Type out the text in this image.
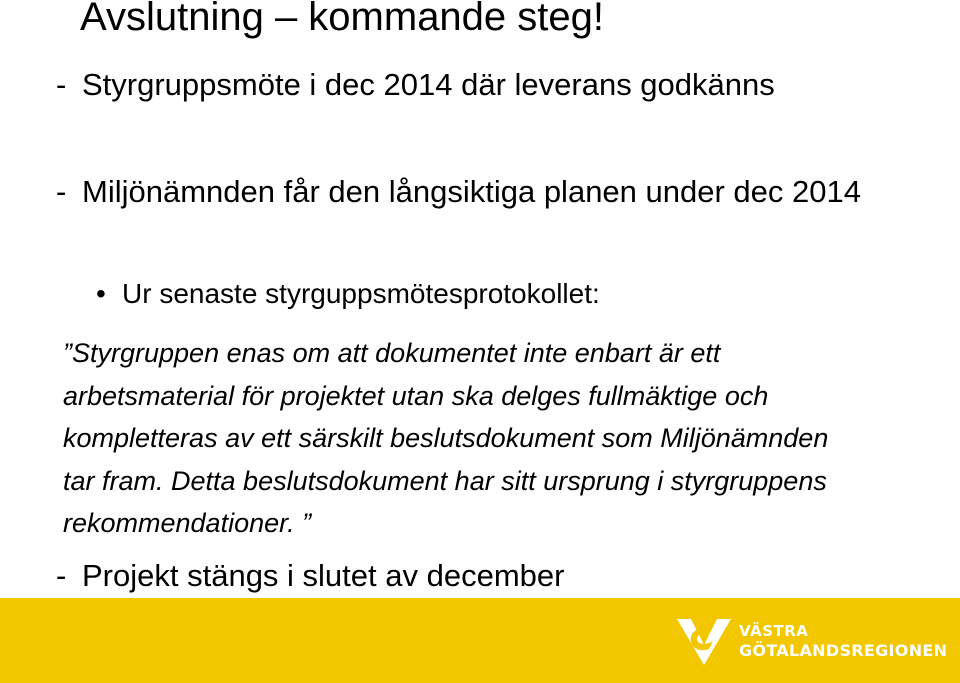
Avslutning – kommande steg!
- Styrgruppsmöte i dec 2014 där leverans godkänns
- Miljönämnden får den långsiktiga planen under dec 2014
• Ur senaste styrguppsmötesprotokollet:
”Styrgruppen enas om att dokumentet inte enbart är ett arbetsmaterial för projektet utan ska delges fullmäktige och kompletteras av ett särskilt beslutsdokument som Miljönämnden tar fram. Detta beslutsdokument har sitt ursprung i styrgruppens rekommendationer. ”
- Projekt stängs i slutet av december
VÄSTRA
GÖTALANDSREGIONEN
